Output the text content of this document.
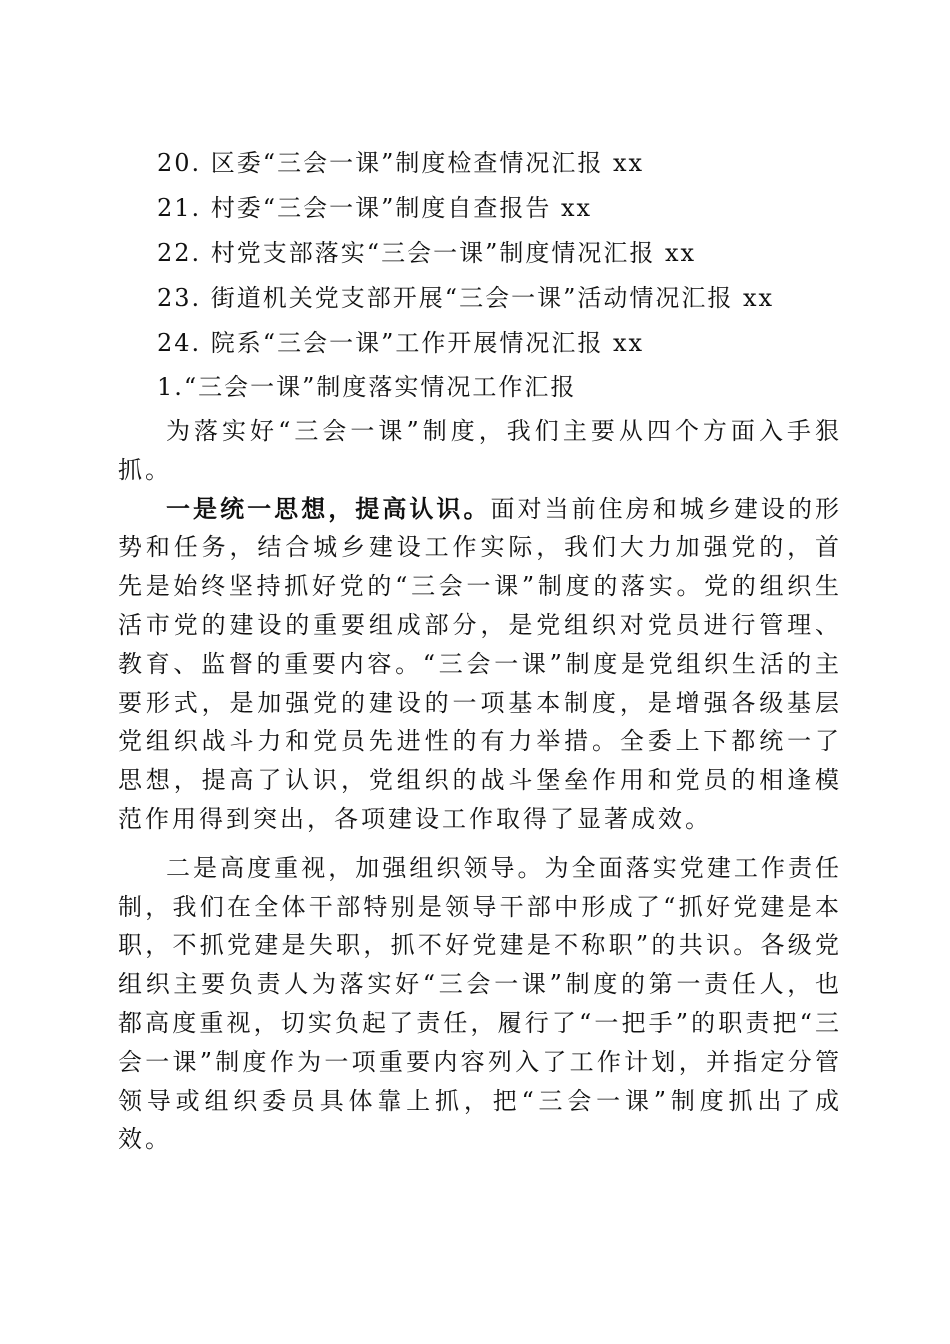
20. 区委“三会一课”制度检查情况汇报 xx
21. 村委“三会一课”制度自查报告 xx
22. 村党支部落实“三会一课”制度情况汇报 xx
23. 街道机关党支部开展“三会一课”活动情况汇报 xx
24. 院系“三会一课”工作开展情况汇报 xx
1.“三会一课”制度落实情况工作汇报

为落实好“三会一课”制度，我们主要从四个方面入手狠抓。

一是统一思想，提高认识。面对当前住房和城乡建设的形势和任务，结合城乡建设工作实际，我们大力加强党的，首先是始终坚持抓好党的“三会一课”制度的落实。党的组织生活市党的建设的重要组成部分，是党组织对党员进行管理、教育、监督的重要内容。“三会一课”制度是党组织生活的主要形式，是加强党的建设的一项基本制度，是增强各级基层党组织战斗力和党员先进性的有力举措。全委上下都统一了思想，提高了认识，党组织的战斗堡垒作用和党员的相逢模范作用得到突出，各项建设工作取得了显著成效。

二是高度重视，加强组织领导。为全面落实党建工作责任制，我们在全体干部特别是领导干部中形成了“抓好党建是本职，不抓党建是失职，抓不好党建是不称职”的共识。各级党组织主要负责人为落实好“三会一课”制度的第一责任人，也都高度重视，切实负起了责任，履行了“一把手”的职责把“三会一课”制度作为一项重要内容列入了工作计划，并指定分管领导或组织委员具体靠上抓，把“三会一课”制度抓出了成效。
